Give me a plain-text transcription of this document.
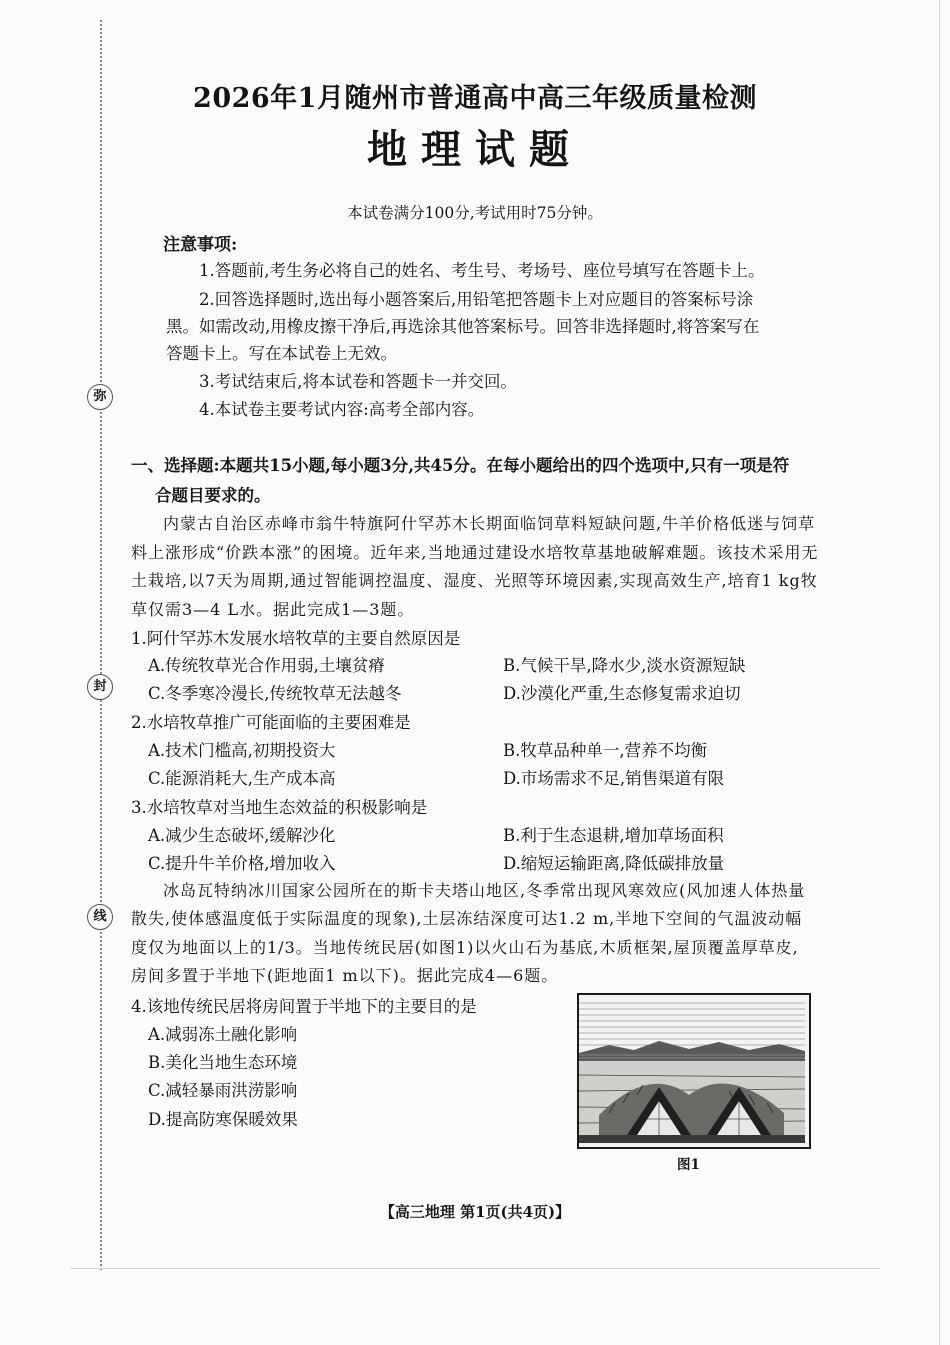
弥
封
线
2026年1月随州市普通高中高三年级质量检测
地理试题
本试卷满分100分,考试用时75分钟。
注意事项:
1.答题前,考生务必将自己的姓名、考生号、考场号、座位号填写在答题卡上。
2.回答选择题时,选出每小题答案后,用铅笔把答题卡上对应题目的答案标号涂
黑。如需改动,用橡皮擦干净后,再选涂其他答案标号。回答非选择题时,将答案写在
答题卡上。写在本试卷上无效。
3.考试结束后,将本试卷和答题卡一并交回。
4.本试卷主要考试内容:高考全部内容。
一、选择题:本题共15小题,每小题3分,共45分。在每小题给出的四个选项中,只有一项是符
合题目要求的。
内蒙古自治区赤峰市翁牛特旗阿什罕苏木长期面临饲草料短缺问题,牛羊价格低迷与饲草
料上涨形成“价跌本涨”的困境。近年来,当地通过建设水培牧草基地破解难题。该技术采用无
土栽培,以7天为周期,通过智能调控温度、湿度、光照等环境因素,实现高效生产,培育1 kg牧
草仅需3—4 L水。据此完成1—3题。
1.阿什罕苏木发展水培牧草的主要自然原因是
A.传统牧草光合作用弱,土壤贫瘠	B.气候干旱,降水少,淡水资源短缺
C.冬季寒冷漫长,传统牧草无法越冬	D.沙漠化严重,生态修复需求迫切
2.水培牧草推广可能面临的主要困难是
A.技术门槛高,初期投资大	B.牧草品种单一,营养不均衡
C.能源消耗大,生产成本高	D.市场需求不足,销售渠道有限
3.水培牧草对当地生态效益的积极影响是
A.减少生态破坏,缓解沙化	B.利于生态退耕,增加草场面积
C.提升牛羊价格,增加收入	D.缩短运输距离,降低碳排放量
冰岛瓦特纳冰川国家公园所在的斯卡夫塔山地区,冬季常出现风寒效应(风加速人体热量
散失,使体感温度低于实际温度的现象),土层冻结深度可达1.2 m,半地下空间的气温波动幅
度仅为地面以上的1/3。当地传统民居(如图1)以火山石为基底,木质框架,屋顶覆盖厚草皮,
房间多置于半地下(距地面1 m以下)。据此完成4—6题。
4.该地传统民居将房间置于半地下的主要目的是
A.减弱冻土融化影响
B.美化当地生态环境
C.减轻暴雨洪涝影响
D.提高防寒保暖效果
图1
【高三地理 第1页(共4页)】
